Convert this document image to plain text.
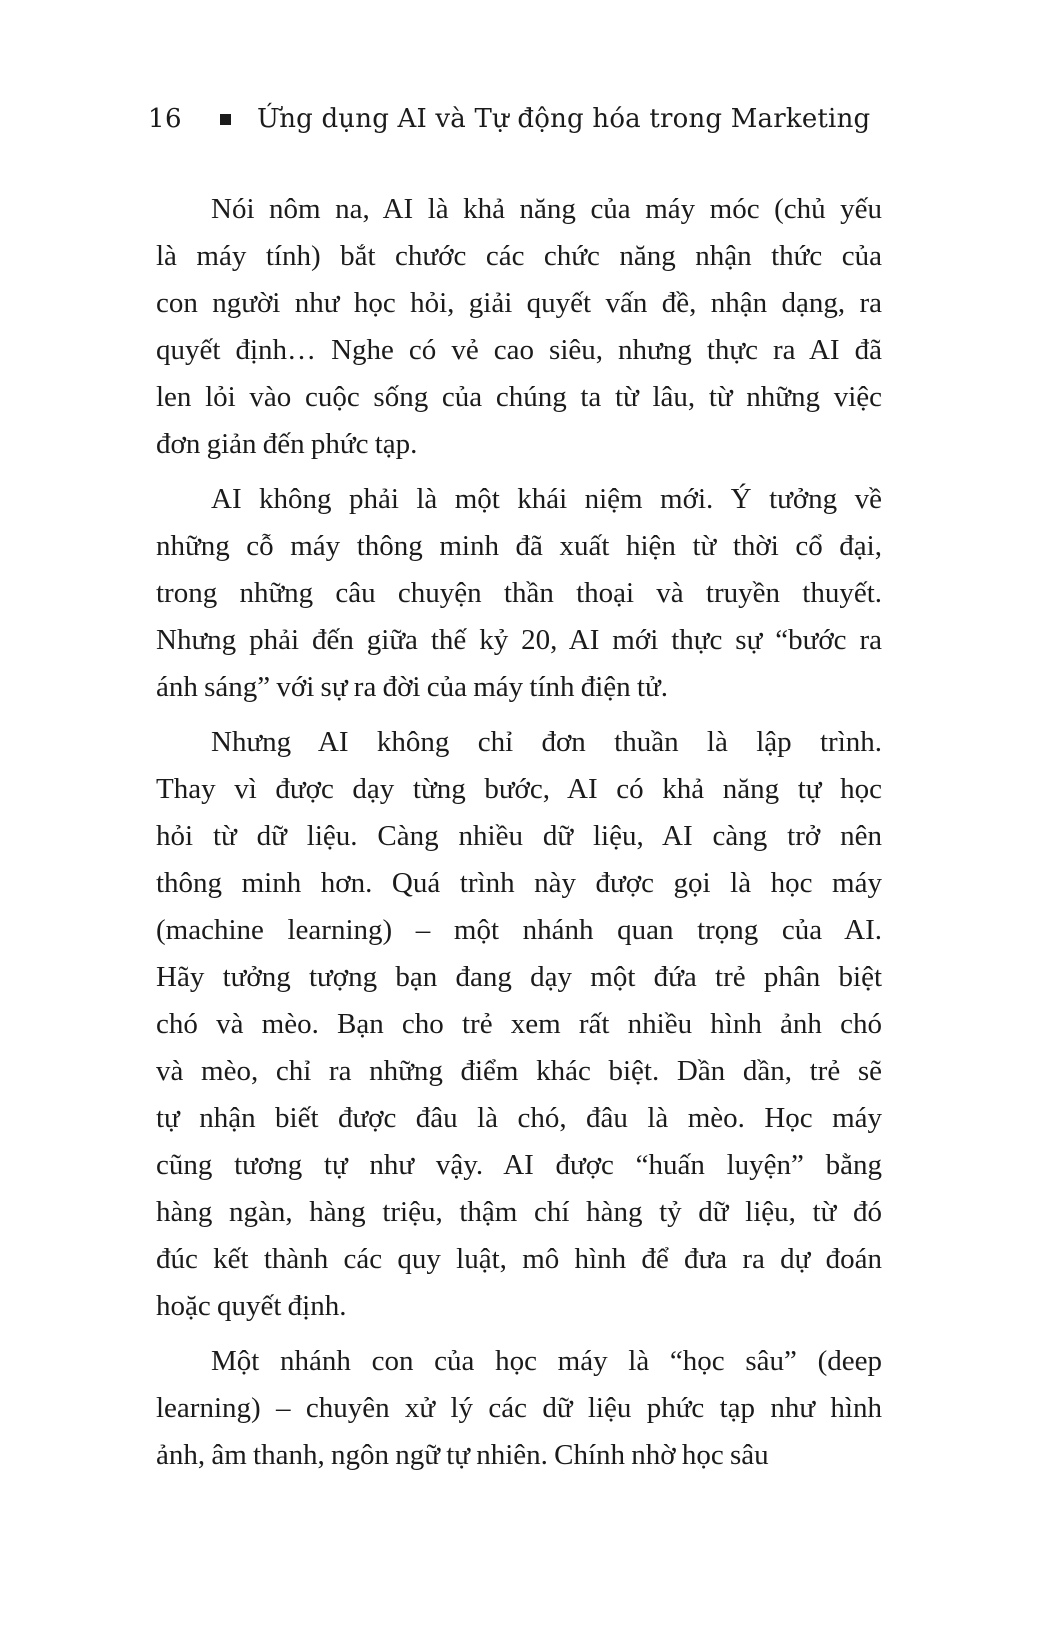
16	Ứng dụng AI và Tự động hóa trong Marketing
Nói nôm na, AI là khả năng của máy móc (chủ yếu
là máy tính) bắt chước các chức năng nhận thức của
con người như học hỏi, giải quyết vấn đề, nhận dạng, ra
quyết định… Nghe có vẻ cao siêu, nhưng thực ra AI đã
len lỏi vào cuộc sống của chúng ta từ lâu, từ những việc
đơn giản đến phức tạp.
AI không phải là một khái niệm mới. Ý tưởng về
những cỗ máy thông minh đã xuất hiện từ thời cổ đại,
trong những câu chuyện thần thoại và truyền thuyết.
Nhưng phải đến giữa thế kỷ 20, AI mới thực sự “bước ra
ánh sáng” với sự ra đời của máy tính điện tử.
Nhưng AI không chỉ đơn thuần là lập trình.
Thay vì được dạy từng bước, AI có khả năng tự học
hỏi từ dữ liệu. Càng nhiều dữ liệu, AI càng trở nên
thông minh hơn. Quá trình này được gọi là học máy
(machine learning) – một nhánh quan trọng của AI.
Hãy tưởng tượng bạn đang dạy một đứa trẻ phân biệt
chó và mèo. Bạn cho trẻ xem rất nhiều hình ảnh chó
và mèo, chỉ ra những điểm khác biệt. Dần dần, trẻ sẽ
tự nhận biết được đâu là chó, đâu là mèo. Học máy
cũng tương tự như vậy. AI được “huấn luyện” bằng
hàng ngàn, hàng triệu, thậm chí hàng tỷ dữ liệu, từ đó
đúc kết thành các quy luật, mô hình để đưa ra dự đoán
hoặc quyết định.
Một nhánh con của học máy là “học sâu” (deep
learning) – chuyên xử lý các dữ liệu phức tạp như hình
ảnh, âm thanh, ngôn ngữ tự nhiên. Chính nhờ học sâu
